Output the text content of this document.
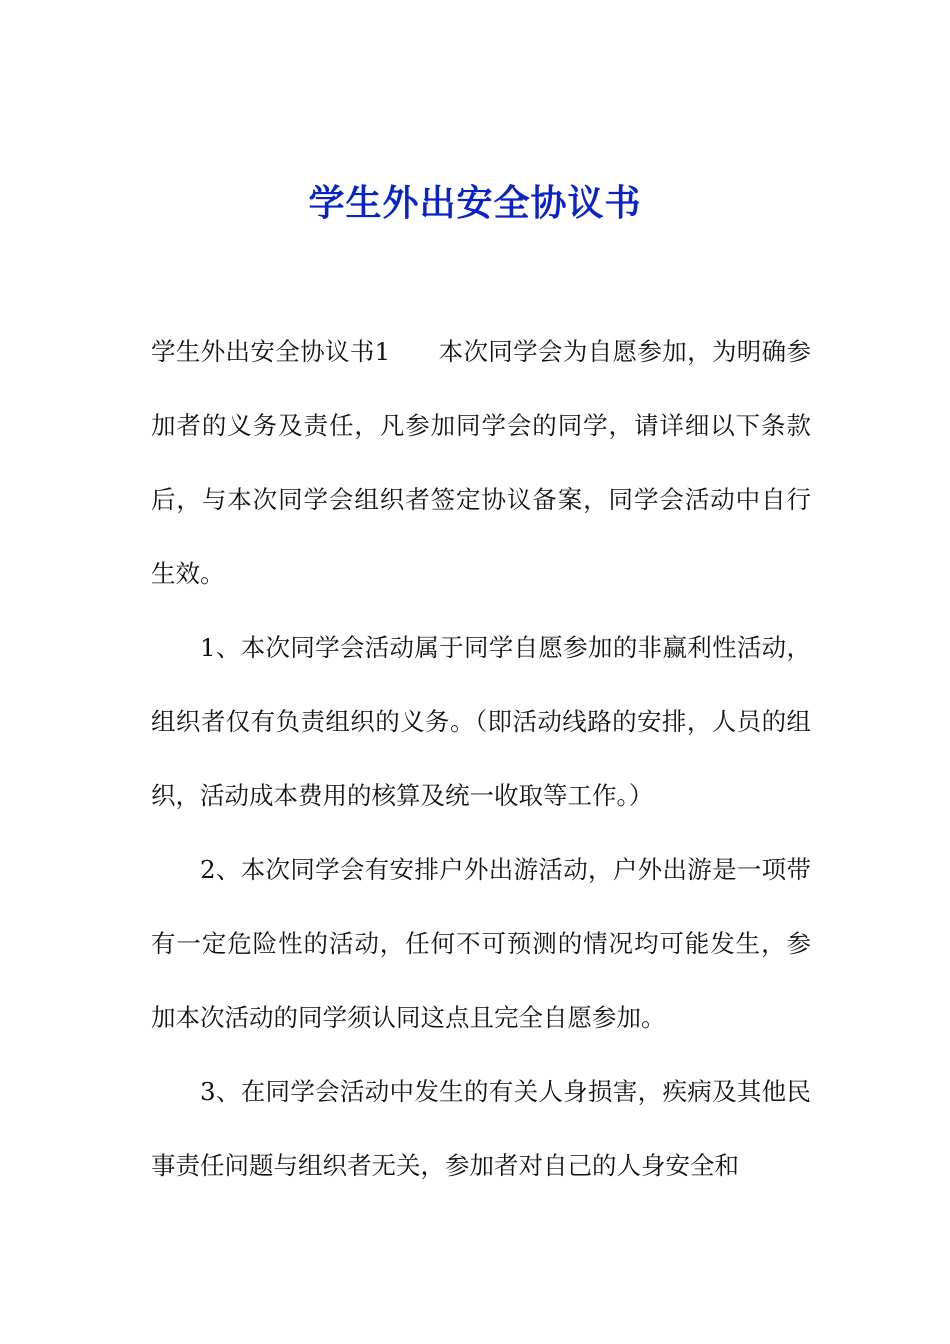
学生外出安全协议书

学生外出安全协议书1 本次同学会为自愿参加，为明确参加者的义务及责任，凡参加同学会的同学，请详细以下条款后，与本次同学会组织者签定协议备案，同学会活动中自行生效。

1、本次同学会活动属于同学自愿参加的非赢利性活动，组织者仅有负责组织的义务。（即活动线路的安排，人员的组织，活动成本费用的核算及统一收取等工作。）

2、本次同学会有安排户外出游活动，户外出游是一项带有一定危险性的活动，任何不可预测的情况均可能发生，参加本次活动的同学须认同这点且完全自愿参加。

3、在同学会活动中发生的有关人身损害，疾病及其他民事责任问题与组织者无关，参加者对自己的人身安全和
